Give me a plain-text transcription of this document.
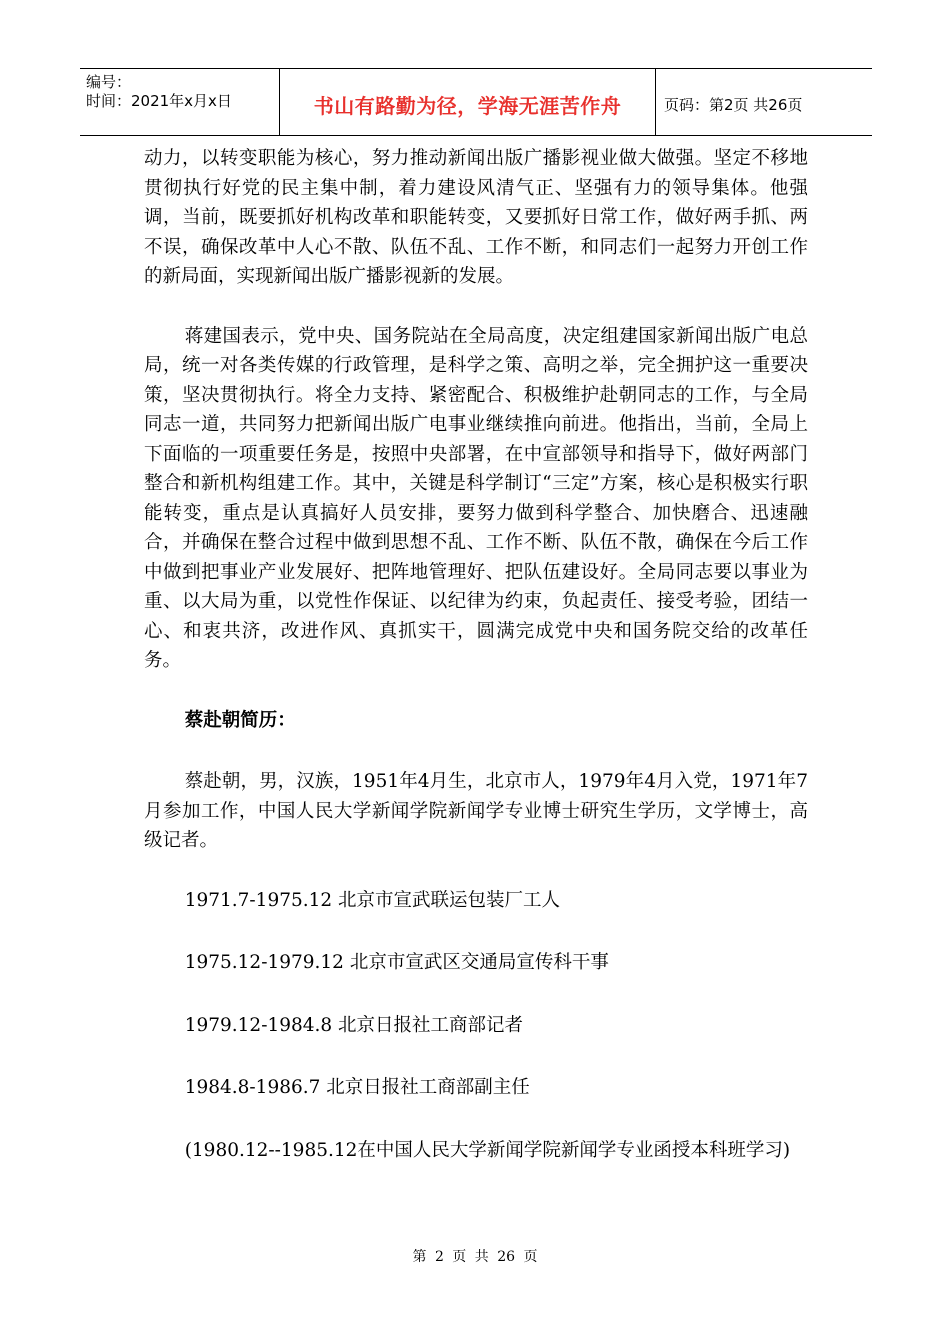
编号：
时间：2021年x月x日	书山有路勤为径，学海无涯苦作舟	页码：第2页 共26页

动力，以转变职能为核心，努力推动新闻出版广播影视业做大做强。坚定不移地贯彻执行好党的民主集中制，着力建设风清气正、坚强有力的领导集体。他强调，当前，既要抓好机构改革和职能转变，又要抓好日常工作，做好两手抓、两不误，确保改革中人心不散、队伍不乱、工作不断，和同志们一起努力开创工作的新局面，实现新闻出版广播影视新的发展。

蒋建国表示，党中央、国务院站在全局高度，决定组建国家新闻出版广电总局，统一对各类传媒的行政管理，是科学之策、高明之举，完全拥护这一重要决策，坚决贯彻执行。将全力支持、紧密配合、积极维护赴朝同志的工作，与全局同志一道，共同努力把新闻出版广电事业继续推向前进。他指出，当前，全局上下面临的一项重要任务是，按照中央部署，在中宣部领导和指导下，做好两部门整合和新机构组建工作。其中，关键是科学制订“三定”方案，核心是积极实行职能转变，重点是认真搞好人员安排，要努力做到科学整合、加快磨合、迅速融合，并确保在整合过程中做到思想不乱、工作不断、队伍不散，确保在今后工作中做到把事业产业发展好、把阵地管理好、把队伍建设好。全局同志要以事业为重、以大局为重，以党性作保证、以纪律为约束，负起责任、接受考验，团结一心、和衷共济，改进作风、真抓实干，圆满完成党中央和国务院交给的改革任务。

蔡赴朝简历：

蔡赴朝，男，汉族，1951年4月生，北京市人，1979年4月入党，1971年7月参加工作，中国人民大学新闻学院新闻学专业博士研究生学历，文学博士，高级记者。

1971.7-1975.12 北京市宣武联运包装厂工人

1975.12-1979.12 北京市宣武区交通局宣传科干事

1979.12-1984.8 北京日报社工商部记者

1984.8-1986.7 北京日报社工商部副主任

(1980.12--1985.12在中国人民大学新闻学院新闻学专业函授本科班学习)

第 2 页 共 26 页
